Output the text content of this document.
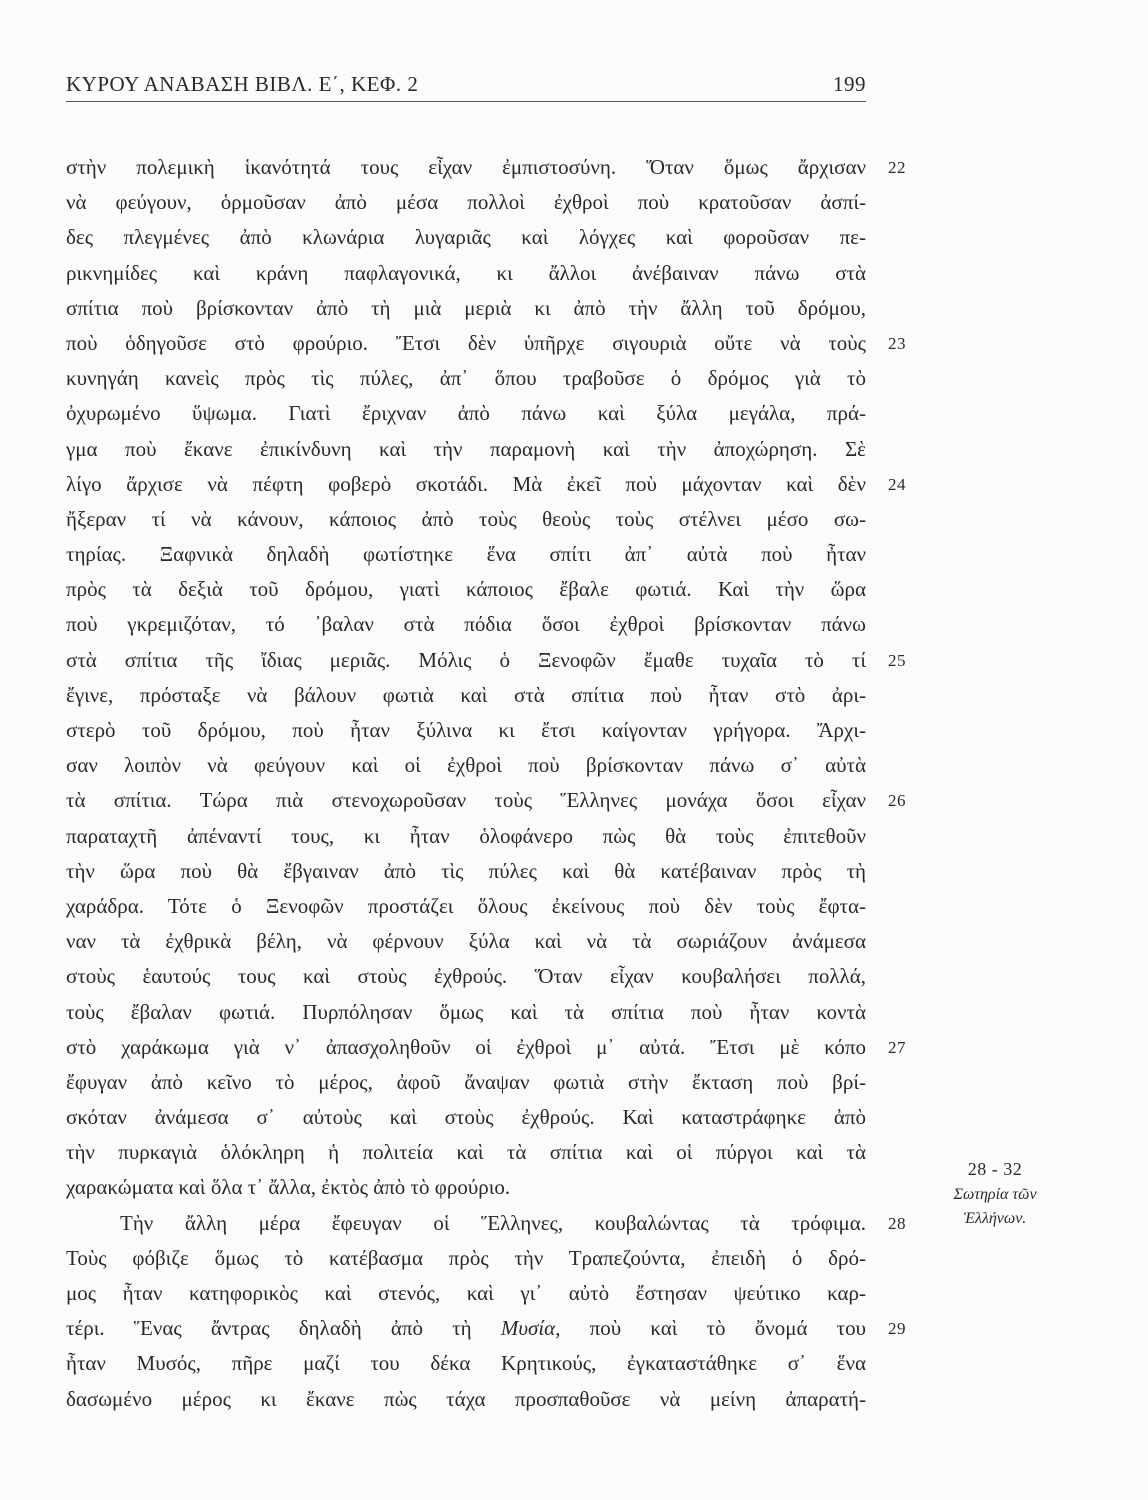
ΚΥΡΟΥ ΑΝΑΒΑΣΗ ΒΙΒΛ. Ε΄, ΚΕΦ. 2	199
στὴν πολεμικὴ ἱκανότητά τους εἶχαν ἐμπιστοσύνη. Ὅταν ὅμως ἄρχισαν 22
νὰ φεύγουν, ὁρμοῦσαν ἀπὸ μέσα πολλοὶ ἐχθροὶ ποὺ κρατοῦσαν ἀσπί-
δες πλεγμένες ἀπὸ κλωνάρια λυγαριᾶς καὶ λόγχες καὶ φοροῦσαν πε-
ρικνημίδες καὶ κράνη παφλαγονικά, κι ἄλλοι ἀνέβαιναν πάνω στὰ
σπίτια ποὺ βρίσκονταν ἀπὸ τὴ μιὰ μεριὰ κι ἀπὸ τὴν ἄλλη τοῦ δρόμου,
ποὺ ὁδηγοῦσε στὸ φρούριο. Ἔτσι δὲν ὑπῆρχε σιγουριὰ οὔτε νὰ τοὺς 23
κυνηγάη κανεὶς πρὸς τὶς πύλες, ἀπ᾿ ὅπου τραβοῦσε ὁ δρόμος γιὰ τὸ
ὀχυρωμένο ὕψωμα. Γιατὶ ἔριχναν ἀπὸ πάνω καὶ ξύλα μεγάλα, πρά-
γμα ποὺ ἔκανε ἐπικίνδυνη καὶ τὴν παραμονὴ καὶ τὴν ἀποχώρηση. Σὲ
λίγο ἄρχισε νὰ πέφτη φοβερὸ σκοτάδι. Μὰ ἐκεῖ ποὺ μάχονταν καὶ δὲν 24
ἤξεραν τί νὰ κάνουν, κάποιος ἀπὸ τοὺς θεοὺς τοὺς στέλνει μέσο σω-
τηρίας. Ξαφνικὰ δηλαδὴ φωτίστηκε ἕνα σπίτι ἀπ᾿ αὐτὰ ποὺ ἦταν
πρὸς τὰ δεξιὰ τοῦ δρόμου, γιατὶ κάποιος ἔβαλε φωτιά. Καὶ τὴν ὥρα
ποὺ γκρεμιζόταν, τό ᾿βαλαν στὰ πόδια ὅσοι ἐχθροὶ βρίσκονταν πάνω
στὰ σπίτια τῆς ἴδιας μεριᾶς. Μόλις ὁ Ξενοφῶν ἔμαθε τυχαῖα τὸ τί 25
ἔγινε, πρόσταξε νὰ βάλουν φωτιὰ καὶ στὰ σπίτια ποὺ ἦταν στὸ ἀρι-
στερὸ τοῦ δρόμου, ποὺ ἦταν ξύλινα κι ἔτσι καίγονταν γρήγορα. Ἄρχι-
σαν λοιπὸν νὰ φεύγουν καὶ οἱ ἐχθροὶ ποὺ βρίσκονταν πάνω σ᾿ αὐτὰ
τὰ σπίτια. Τώρα πιὰ στενοχωροῦσαν τοὺς Ἕλληνες μονάχα ὅσοι εἶχαν 26
παραταχτῆ ἀπέναντί τους, κι ἦταν ὁλοφάνερο πὼς θὰ τοὺς ἐπιτεθοῦν
τὴν ὥρα ποὺ θὰ ἔβγαιναν ἀπὸ τὶς πύλες καὶ θὰ κατέβαιναν πρὸς τὴ
χαράδρα. Τότε ὁ Ξενοφῶν προστάζει ὅλους ἐκείνους ποὺ δὲν τοὺς ἔφτα-
ναν τὰ ἐχθρικὰ βέλη, νὰ φέρνουν ξύλα καὶ νὰ τὰ σωριάζουν ἀνάμεσα
στοὺς ἑαυτούς τους καὶ στοὺς ἐχθρούς. Ὅταν εἶχαν κουβαλήσει πολλά,
τοὺς ἔβαλαν φωτιά. Πυρπόλησαν ὅμως καὶ τὰ σπίτια ποὺ ἦταν κοντὰ
στὸ χαράκωμα γιὰ ν᾿ ἀπασχοληθοῦν οἱ ἐχθροὶ μ᾿ αὐτά. Ἔτσι μὲ κόπο 27
ἔφυγαν ἀπὸ κεῖνο τὸ μέρος, ἀφοῦ ἄναψαν φωτιὰ στὴν ἔκταση ποὺ βρί-
σκόταν ἀνάμεσα σ᾿ αὐτοὺς καὶ στοὺς ἐχθρούς. Καὶ καταστράφηκε ἀπὸ
τὴν πυρκαγιὰ ὁλόκληρη ἡ πολιτεία καὶ τὰ σπίτια καὶ οἱ πύργοι καὶ τὰ
χαρακώματα καὶ ὅλα τ᾿ ἄλλα, ἐκτὸς ἀπὸ τὸ φρούριο.
Τὴν ἄλλη μέρα ἔφευγαν οἱ Ἕλληνες, κουβαλώντας τὰ τρόφιμα. 28
Τοὺς φόβιζε ὅμως τὸ κατέβασμα πρὸς τὴν Τραπεζούντα, ἐπειδὴ ὁ δρό-
μος ἦταν κατηφορικὸς καὶ στενός, καὶ γι᾿ αὐτὸ ἔστησαν ψεύτικο καρ-
τέρι. Ἕνας ἄντρας δηλαδὴ ἀπὸ τὴ Μυσία, ποὺ καὶ τὸ ὄνομά του 29
ἦταν Μυσός, πῆρε μαζί του δέκα Κρητικούς, ἐγκαταστάθηκε σ᾿ ἕνα
δασωμένο μέρος κι ἔκανε πὼς τάχα προσπαθοῦσε νὰ μείνη ἀπαρατή-
28 - 32
Σωτηρία τῶν
Ἑλλήνων.
